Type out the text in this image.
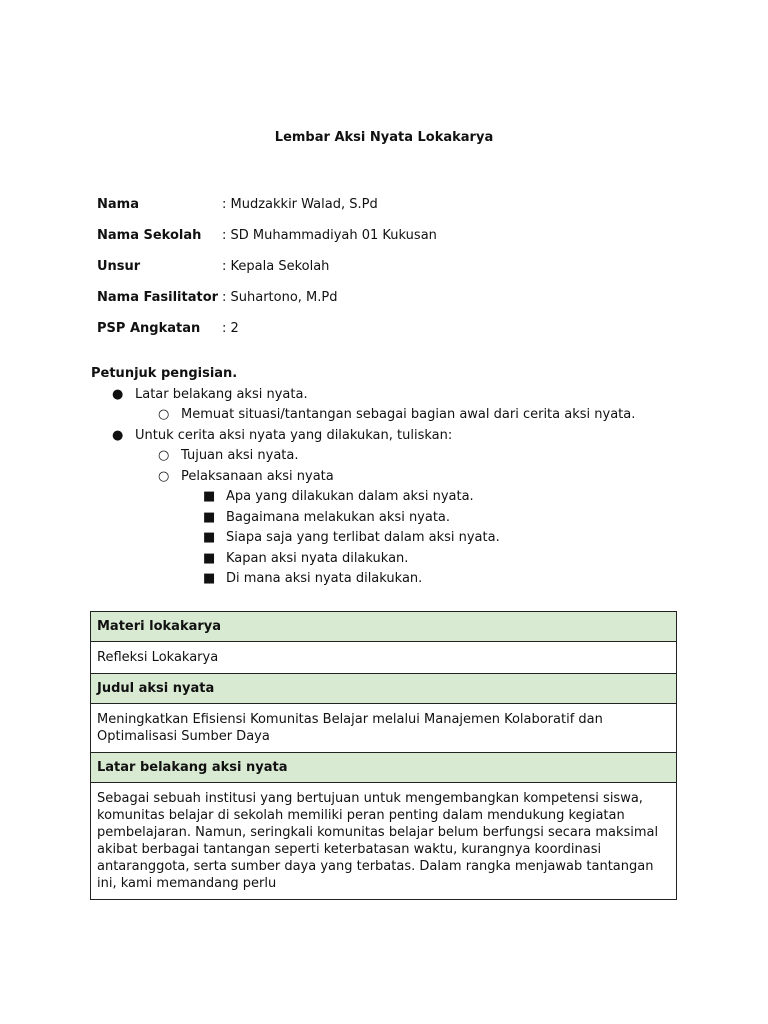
Lembar Aksi Nyata Lokakarya
Nama	: Mudzakkir Walad, S.Pd
Nama Sekolah	: SD Muhammadiyah 01 Kukusan
Unsur	: Kepala Sekolah
Nama Fasilitator : Suhartono, M.Pd
PSP Angkatan	: 2
Petunjuk pengisian.
● Latar belakang aksi nyata.
○ Memuat situasi/tantangan sebagai bagian awal dari cerita aksi nyata.
● Untuk cerita aksi nyata yang dilakukan, tuliskan:
○ Tujuan aksi nyata.
○ Pelaksanaan aksi nyata
■ Apa yang dilakukan dalam aksi nyata.
■ Bagaimana melakukan aksi nyata.
■ Siapa saja yang terlibat dalam aksi nyata.
■ Kapan aksi nyata dilakukan.
■ Di mana aksi nyata dilakukan.
Materi lokakarya
Refleksi Lokakarya
Judul aksi nyata
Meningkatkan Efisiensi Komunitas Belajar melalui Manajemen Kolaboratif dan Optimalisasi Sumber Daya
Latar belakang aksi nyata
Sebagai sebuah institusi yang bertujuan untuk mengembangkan kompetensi siswa, komunitas belajar di sekolah memiliki peran penting dalam mendukung kegiatan pembelajaran. Namun, seringkali komunitas belajar belum berfungsi secara maksimal akibat berbagai tantangan seperti keterbatasan waktu, kurangnya koordinasi antaranggota, serta sumber daya yang terbatas. Dalam rangka menjawab tantangan ini, kami memandang perlu
